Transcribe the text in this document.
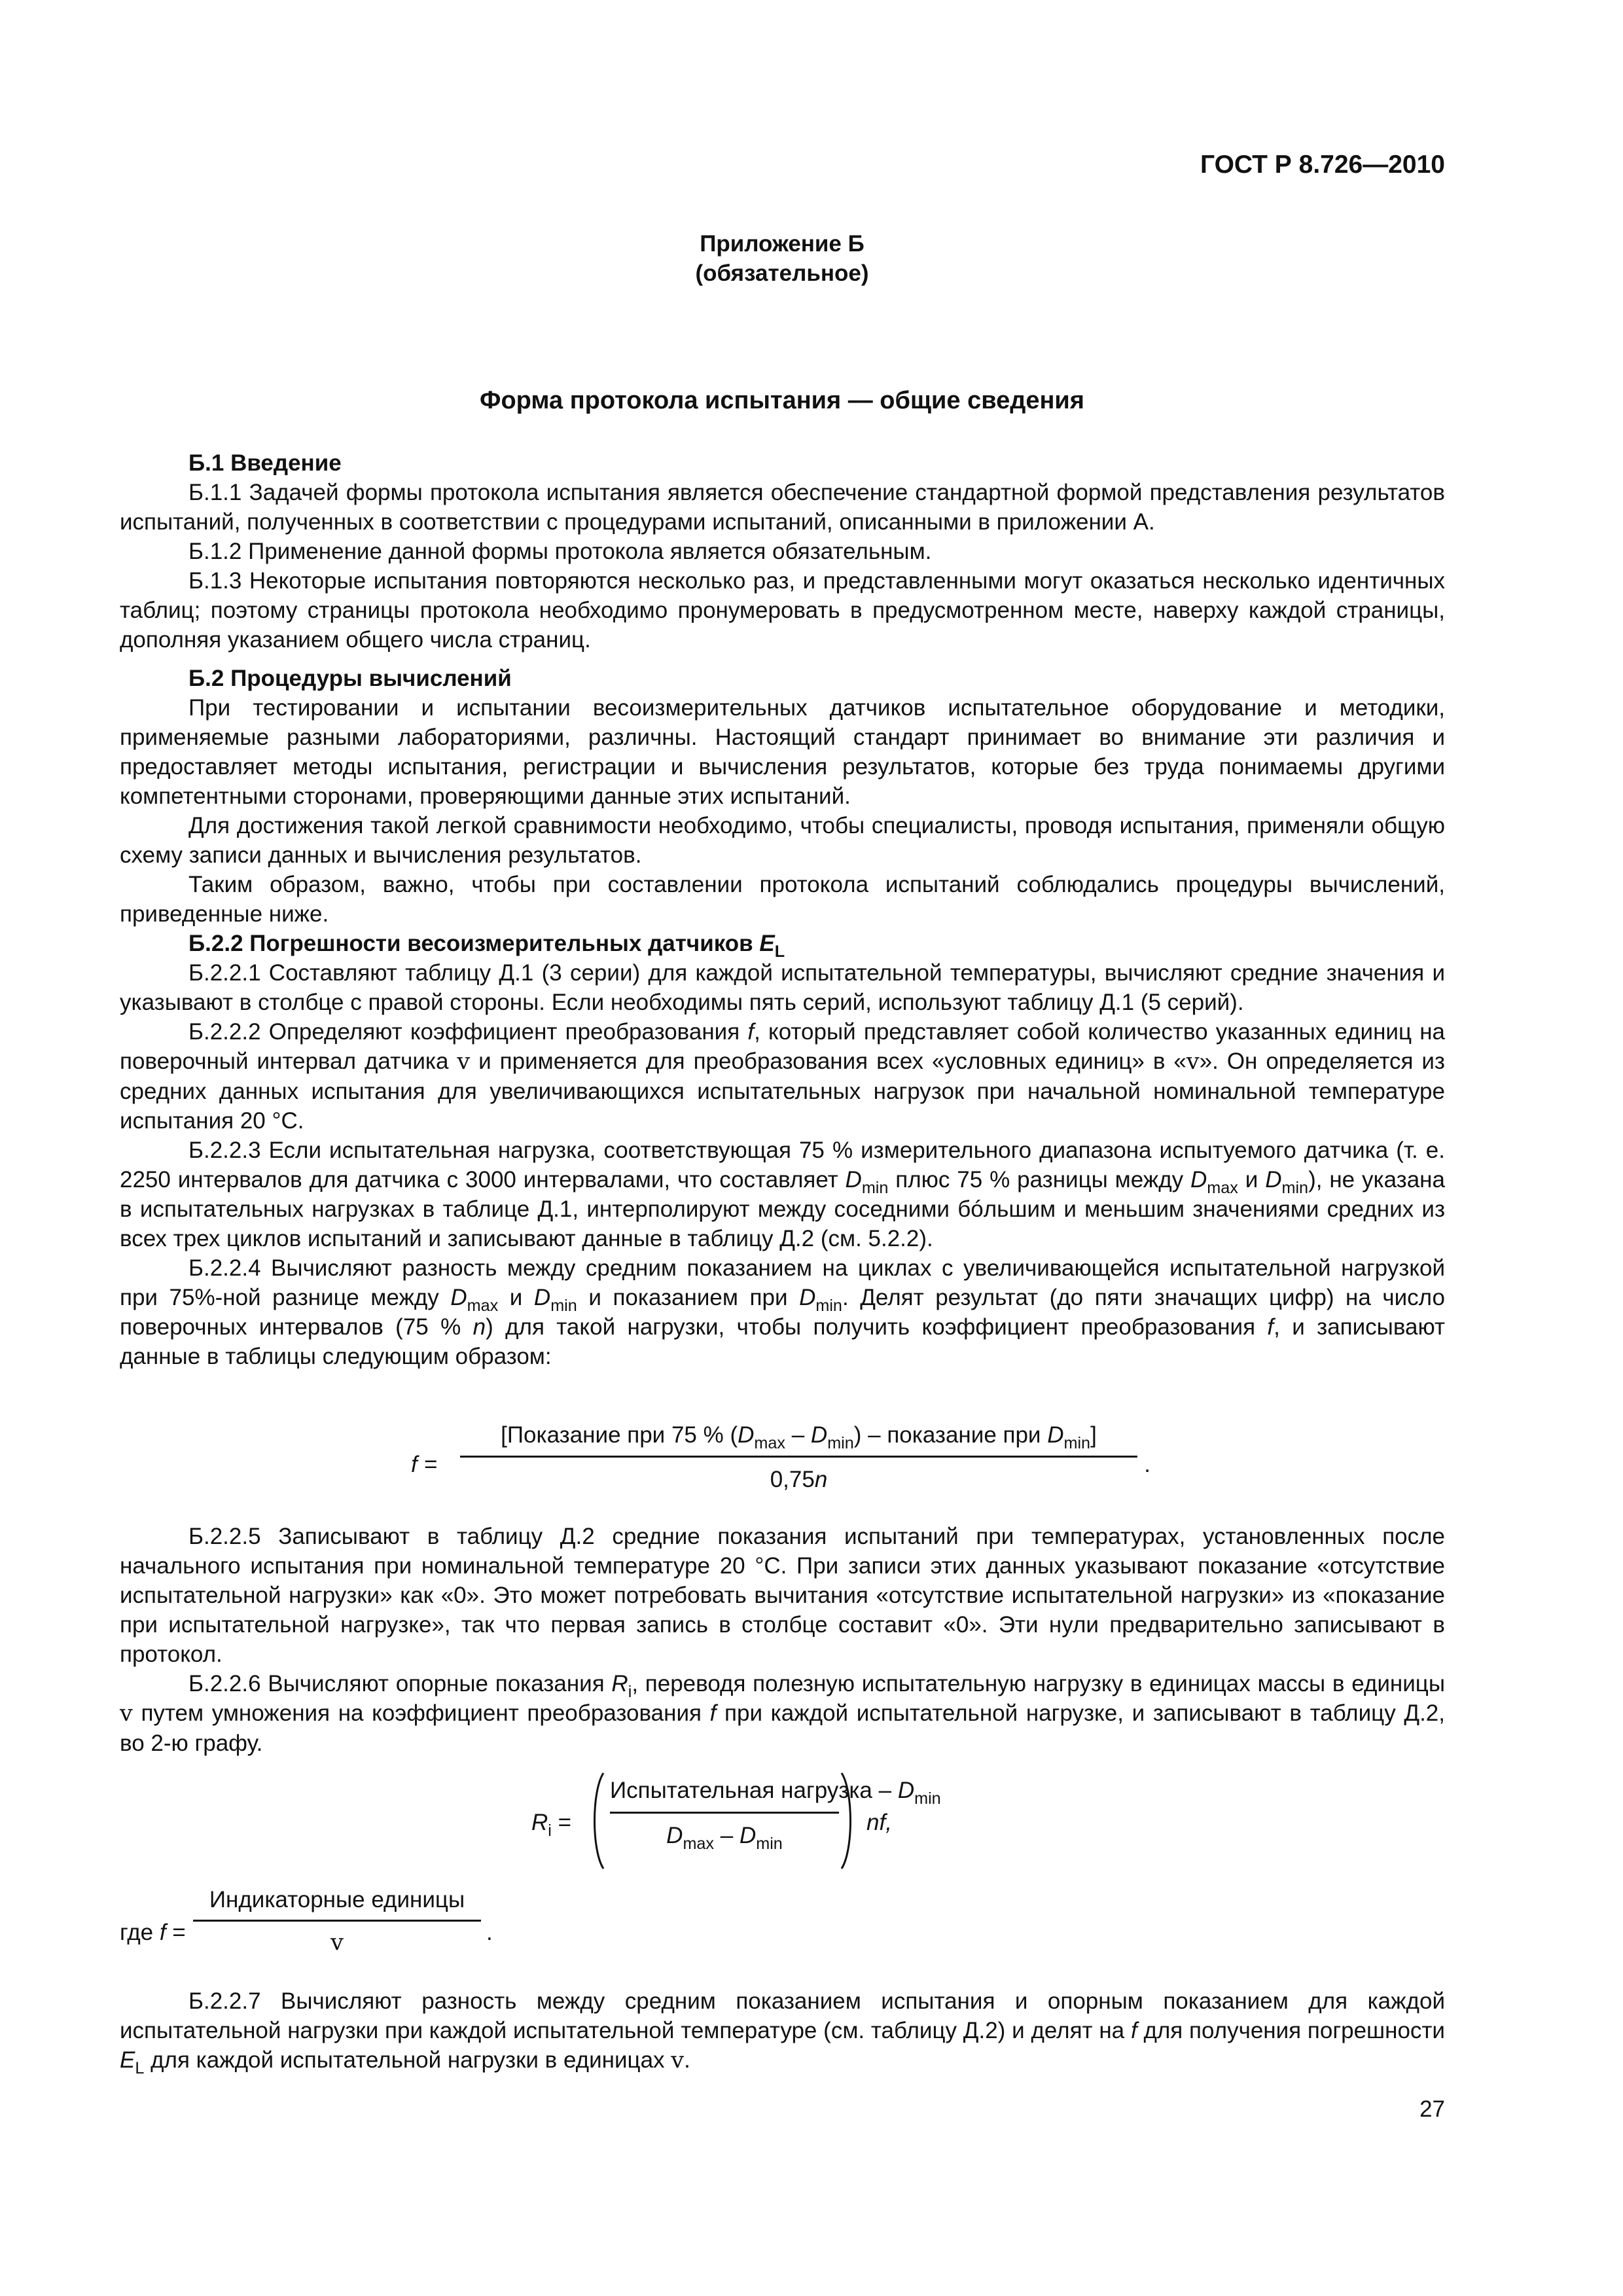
ГОСТ Р 8.726—2010
Приложение Б
(обязательное)
Форма протокола испытания — общие сведения

Б.1 Введение

Б.1.1 Задачей формы протокола испытания является обеспечение стандартной формой представления результатов испытаний, полученных в соответствии с процедурами испытаний, описанными в приложении А.

Б.1.2 Применение данной формы протокола является обязательным.

Б.1.3 Некоторые испытания повторяются несколько раз, и представленными могут оказаться несколько идентичных таблиц; поэтому страницы протокола необходимо пронумеровать в предусмотренном месте, наверху каждой страницы, дополняя указанием общего числа страниц.

Б.2 Процедуры вычислений

При тестировании и испытании весоизмерительных датчиков испытательное оборудование и методики, применяемые разными лабораториями, различны. Настоящий стандарт принимает во внимание эти различия и предоставляет методы испытания, регистрации и вычисления результатов, которые без труда понимаемы другими компетентными сторонами, проверяющими данные этих испытаний.

Для достижения такой легкой сравнимости необходимо, чтобы специалисты, проводя испытания, применяли общую схему записи данных и вычисления результатов.

Таким образом, важно, чтобы при составлении протокола испытаний соблюдались процедуры вычислений, приведенные ниже.

Б.2.2 Погрешности весоизмерительных датчиков $E_L$

Б.2.2.1 Составляют таблицу Д.1 (3 серии) для каждой испытательной температуры, вычисляют средние значения и указывают в столбце с правой стороны. Если необходимы пять серий, используют таблицу Д.1 (5 серий).

Б.2.2.2 Определяют коэффициент преобразования f, который представляет собой количество указанных единиц на поверочный интервал датчика v и применяется для преобразования всех «условных единиц» в «v». Он определяется из средних данных испытания для увеличивающихся испытательных нагрузок при начальной номинальной температуре испытания 20 °С.

Б.2.2.3 Если испытательная нагрузка, соответствующая 75 % измерительного диапазона испытуемого датчика (т. е. 2250 интервалов для датчика с 3000 интервалами, что составляет $D_{min}$ плюс 75 % разницы между $D_{max}$ и $D_{min}$), не указана в испытательных нагрузках в таблице Д.1, интерполируют между соседними бóльшим и меньшим значениями средних из всех трех циклов испытаний и записывают данные в таблицу Д.2 (см. 5.2.2).

Б.2.2.4 Вычисляют разность между средним показанием на циклах с увеличивающейся испытательной нагрузкой при 75%-ной разнице между $D_{max}$ и $D_{min}$ и показанием при $D_{min}$. Делят результат (до пяти значащих цифр) на число поверочных интервалов (75 % n) для такой нагрузки, чтобы получить коэффициент преобразования f, и записывают данные в таблицы следующим образом:

f =
[Показание при 75 % $(D_{max} - D_{min})$ – показание при $D_{min}$]
0,75n
.

Б.2.2.5 Записывают в таблицу Д.2 средние показания испытаний при температурах, установленных после начального испытания при номинальной температуре 20 °С. При записи этих данных указывают показание «отсутствие испытательной нагрузки» как «0». Это может потребовать вычитания «отсутствие испытательной нагрузки» из «показание при испытательной нагрузке», так что первая запись в столбце составит «0». Эти нули предварительно записывают в протокол.

Б.2.2.6 Вычисляют опорные показания $R_i$, переводя полезную испытательную нагрузку в единицах массы в единицы v путем умножения на коэффициент преобразования f при каждой испытательной нагрузке, и записывают в таблицу Д.2, во 2-ю графу.

$R_i$ =
Испытательная нагрузка – $D_{min}$
$D_{max} - D_{min}$
nf,
где f =
Индикаторные единицы
v	.

Б.2.2.7 Вычисляют разность между средним показанием испытания и опорным показанием для каждой испытательной нагрузки при каждой испытательной температуре (см. таблицу Д.2) и делят на f для получения погрешности $E_L$ для каждой испытательной нагрузки в единицах v.

27
